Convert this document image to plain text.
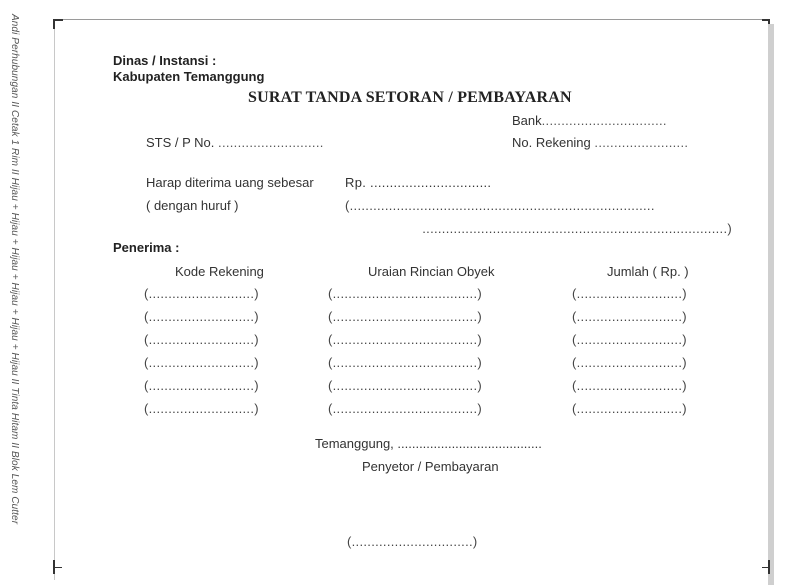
Andi Perhubungan II Cetak 1 Rim II Hijau + Hijau + Hijau + Hijau + Hijau + Hijau II Tinta Hitam II Blok Lem Cutter	Dinas / Instansi :
Kabupaten Temanggung
SURAT TANDA SETORAN / PEMBAYARAN
Bank................................
STS / P No. ...........................	No. Rekening ........................
Harap diterima uang sebesar Rp. ...............................
( dengan huruf )	(..............................................................................
..............................................................................)
Penerima :
Kode Rekening	Uraian Rincian Obyek	Jumlah ( Rp. )
(...........................)	(.....................................)	(...........................)
(...........................)	(.....................................)	(...........................)
(...........................)	(.....................................)	(...........................)
(...........................)	(.....................................)	(...........................)
(...........................)	(.....................................)	(...........................)
(...........................)	(.....................................)	(...........................)
Temanggung, ........................................
Penyetor / Pembayaran
(...............................)
